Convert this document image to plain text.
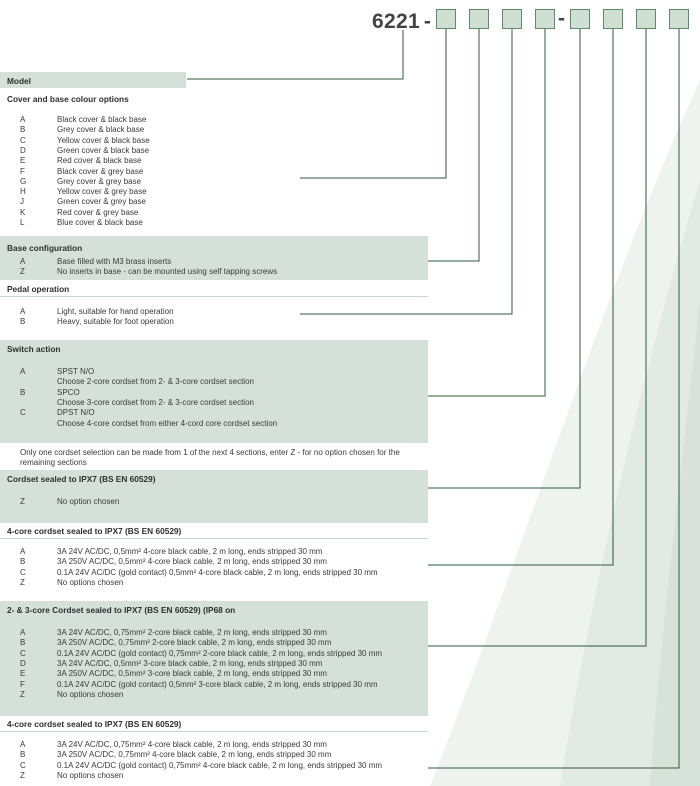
6221 -	-
Model
Cover and base colour options
A	Black cover & black base
B	Grey cover & black base
C	Yellow cover & black base
D	Green cover & black base
E	Red cover & black base
F	Black cover & grey base
G	Grey cover & grey base
H	Yellow cover & grey base
J	Green cover & grey base
K	Red cover & grey base
L	Blue cover & black base
Base configuration
A	Base filled with M3 brass inserts
Z	No inserts in base - can be mounted using self tapping screws
Pedal operation
A	Light, suitable for hand operation
B	Heavy, suitable for foot operation
Switch action
A	SPST N/O
Choose 2-core cordset from 2- & 3-core cordset section
B	SPCO
Choose 3-core cordset from 2- & 3-core cordset section
C	DPST N/O
Choose 4-core cordset from either 4-cord core cordset section
Only one cordset selection can be made from 1 of the next 4 sections, enter Z - for no option chosen for the remaining sections
Cordset sealed to IPX7 (BS EN 60529)
Z	No option chosen
4-core cordset sealed to IPX7 (BS EN 60529)
A	3A 24V AC/DC, 0,5mm² 4-core black cable, 2 m long, ends stripped 30 mm
B	3A 250V AC/DC, 0,5mm² 4-core black cable, 2 m long, ends stripped 30 mm
C	0.1A 24V AC/DC (gold contact) 0,5mm² 4-core black cable, 2 m long, ends stripped 30 mm
Z	No options chosen
2- & 3-core Cordset sealed to IPX7 (BS EN 60529) (IP68 on
A	3A 24V AC/DC, 0,75mm² 2-core black cable, 2 m long, ends stripped 30 mm
B	3A 250V AC/DC, 0,75mm² 2-core black cable, 2 m long, ends stripped 30 mm
C	0.1A 24V AC/DC (gold contact) 0,75mm² 2-core black cable, 2 m long, ends stripped 30 mm
D	3A 24V AC/DC, 0,5mm² 3-core black cable, 2 m long, ends stripped 30 mm
E	3A 250V AC/DC, 0,5mm² 3-core black cable, 2 m long, ends stripped 30 mm
F	0.1A 24V AC/DC (gold contact) 0,5mm² 3-core black cable, 2 m long, ends stripped 30 mm
Z	No options chosen
4-core cordset sealed to IPX7 (BS EN 60529)
A	3A 24V AC/DC, 0,75mm² 4-core black cable, 2 m long, ends stripped 30 mm
B	3A 250V AC/DC, 0,75mm² 4-core black cable, 2 m long, ends stripped 30 mm
C	0.1A 24V AC/DC (gold contact) 0,75mm² 4-core black cable, 2 m long, ends stripped 30 mm
Z	No options chosen
